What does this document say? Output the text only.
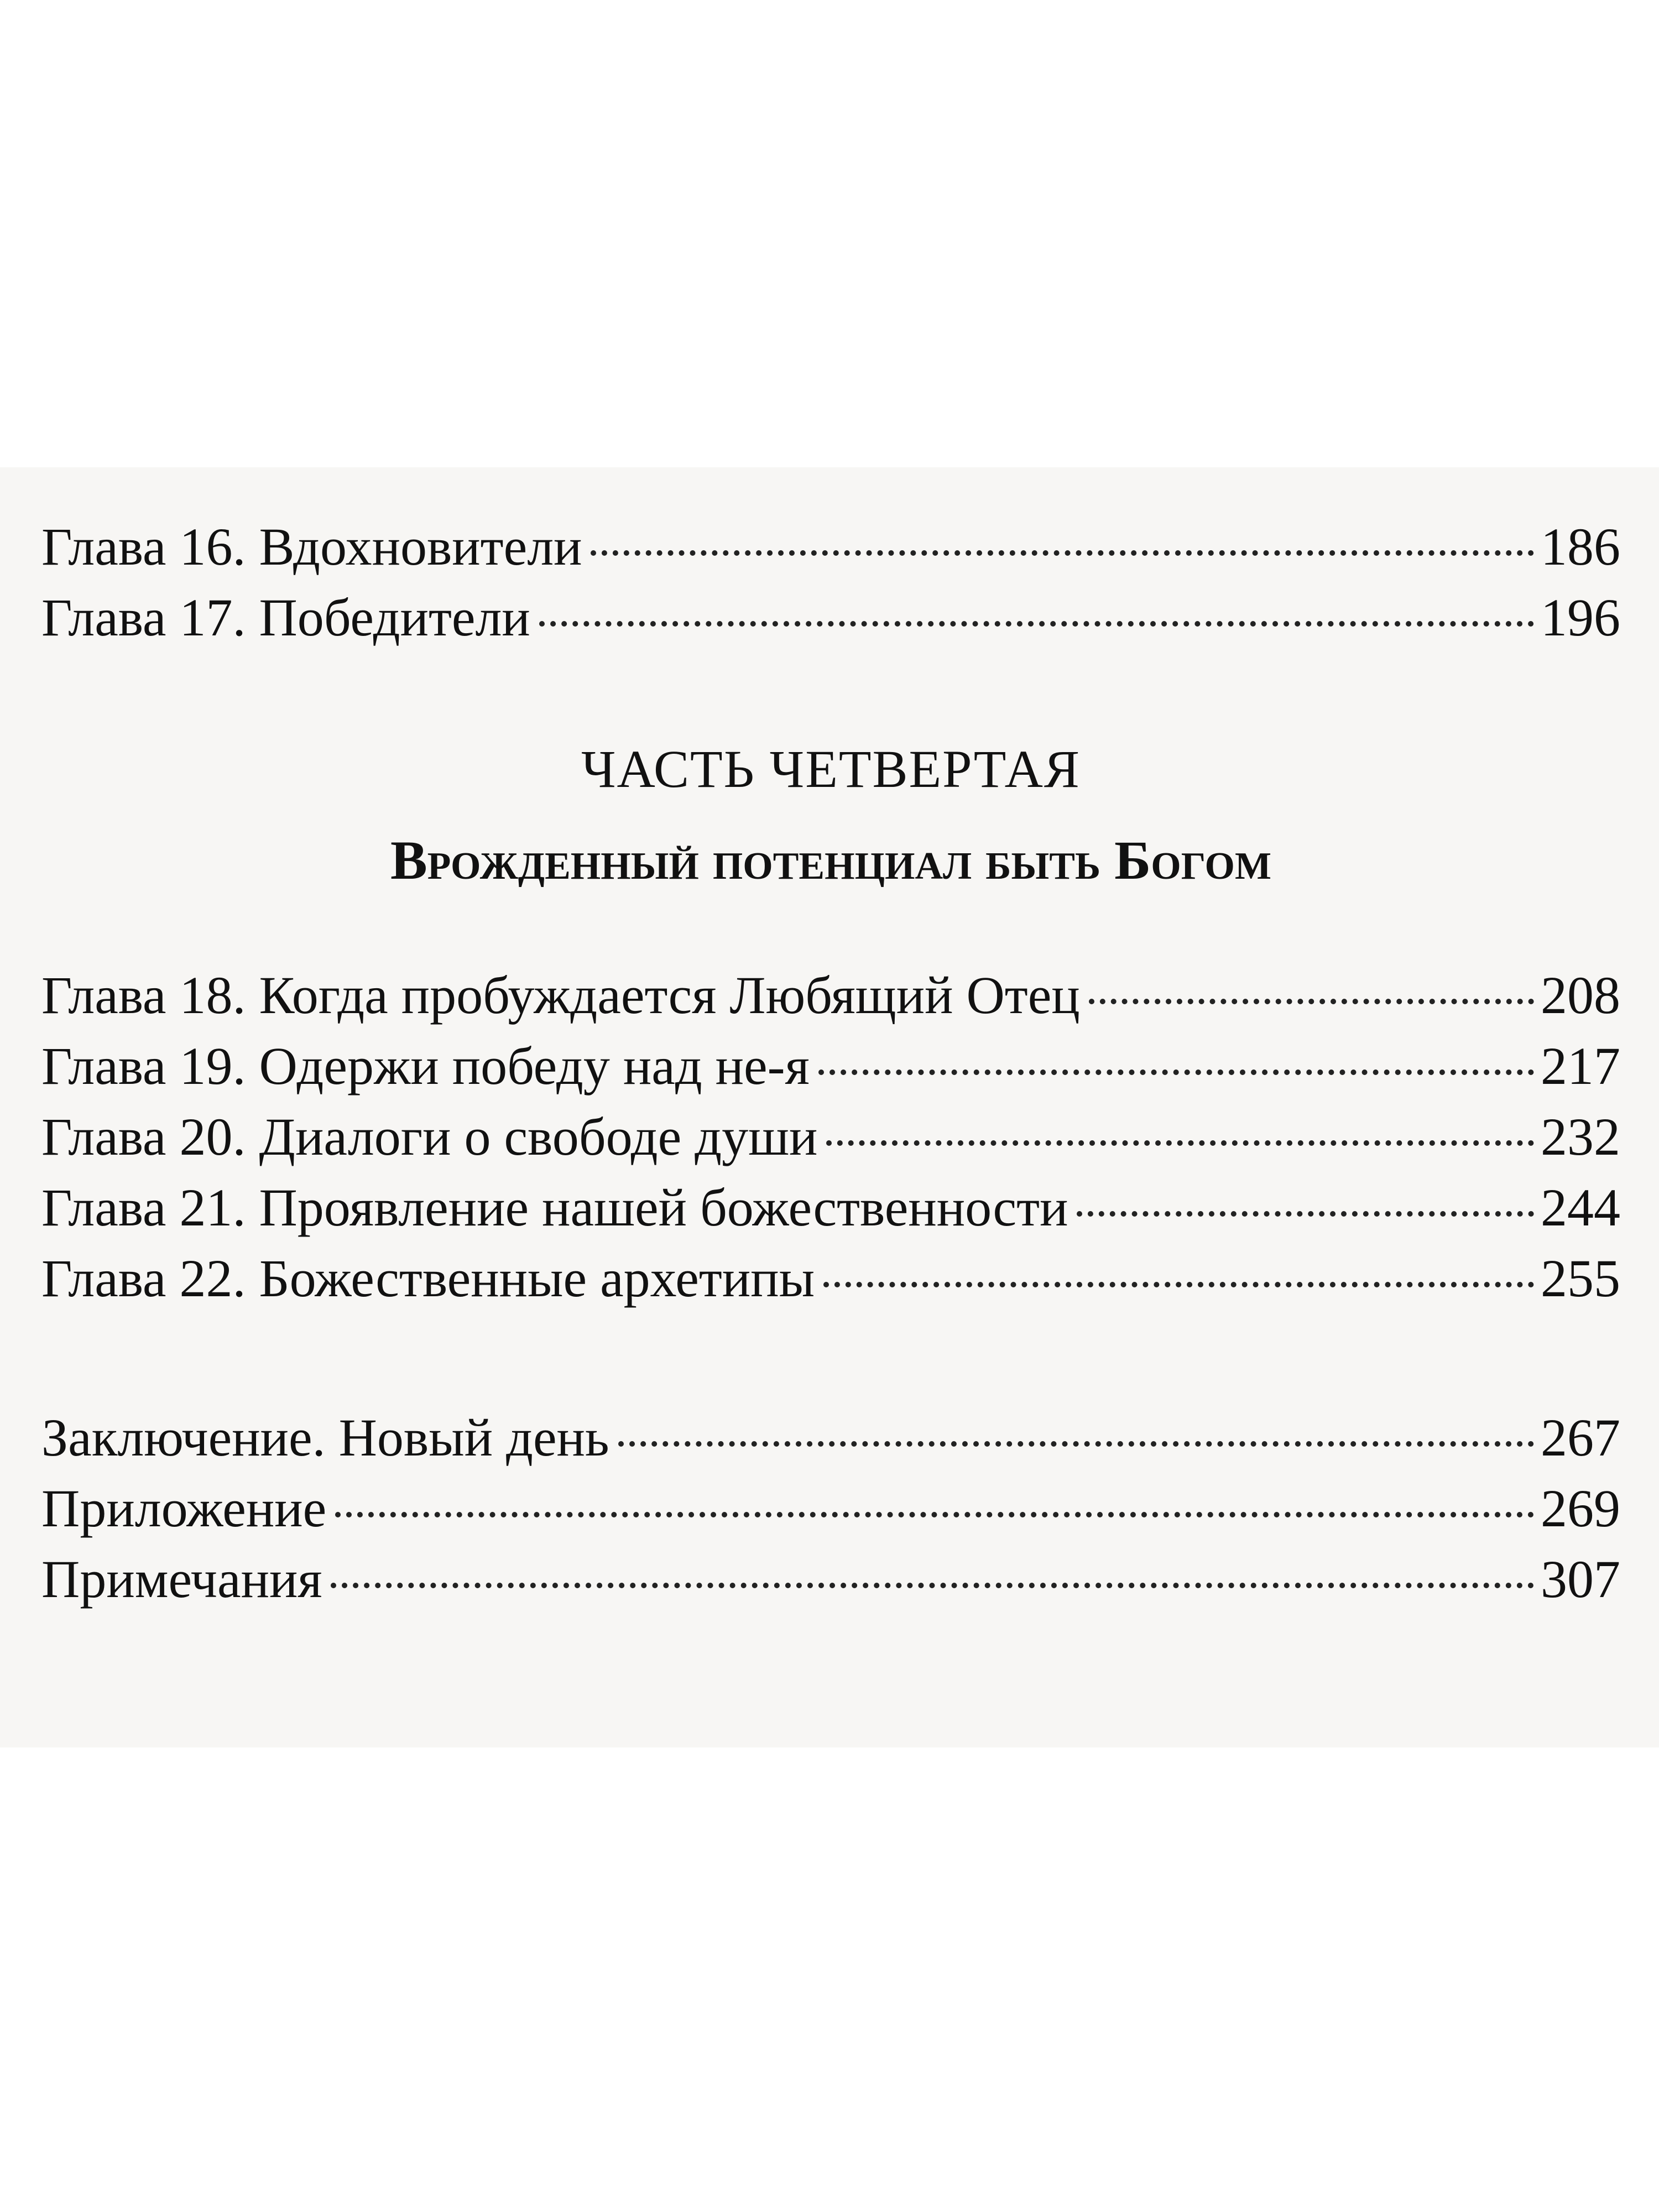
Глава 16. Вдохновители	186
Глава 17. Победители	196
ЧАСТЬ ЧЕТВЕРТАЯ
Врожденный потенциал быть Богом
Глава 18. Когда пробуждается Любящий Отец	208
Глава 19. Одержи победу над не-я	217
Глава 20. Диалоги о свободе души	232
Глава 21. Проявление нашей божественности	244
Глава 22. Божественные архетипы	255
Заключение. Новый день	267
Приложение	269
Примечания	307
